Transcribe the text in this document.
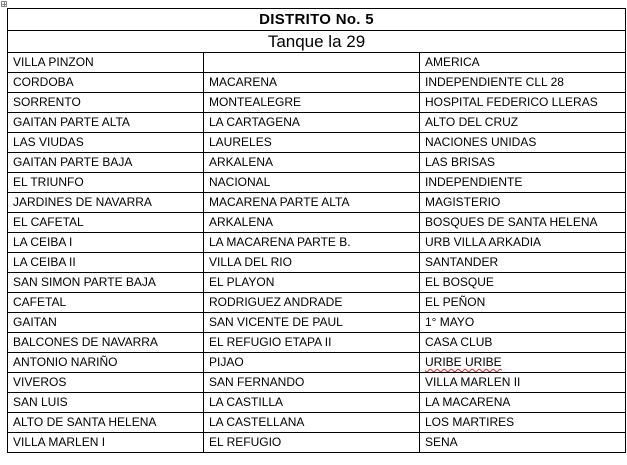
DISTRITO No. 5		
Tanque la 29		
VILLA PINZON		AMERICA
CORDOBA	MACARENA	INDEPENDIENTE CLL 28
SORRENTO	MONTEALEGRE	HOSPITAL FEDERICO LLERAS
GAITAN PARTE ALTA	LA CARTAGENA	ALTO DEL CRUZ
LAS VIUDAS	LAURELES	NACIONES UNIDAS
GAITAN PARTE BAJA	ARKALENA	LAS BRISAS
EL TRIUNFO	NACIONAL	INDEPENDIENTE
JARDINES DE NAVARRA	MACARENA PARTE ALTA	MAGISTERIO
EL CAFETAL	ARKALENA	BOSQUES DE SANTA HELENA
LA CEIBA I	LA MACARENA PARTE B.	URB VILLA ARKADIA
LA CEIBA II	VILLA DEL RIO	SANTANDER
SAN SIMON PARTE BAJA	EL PLAYON	EL BOSQUE
CAFETAL	RODRIGUEZ ANDRADE	EL PEÑON
GAITAN	SAN VICENTE DE PAUL	1° MAYO
BALCONES DE NAVARRA	EL REFUGIO ETAPA II	CASA CLUB
ANTONIO NARIÑO	PIJAO	URIBE URIBE
VIVEROS	SAN FERNANDO	VILLA MARLEN II
SAN LUIS	LA CASTILLA	LA MACARENA
ALTO DE SANTA HELENA	LA CASTELLANA	LOS MARTIRES
VILLA MARLEN I	EL REFUGIO	SENA
